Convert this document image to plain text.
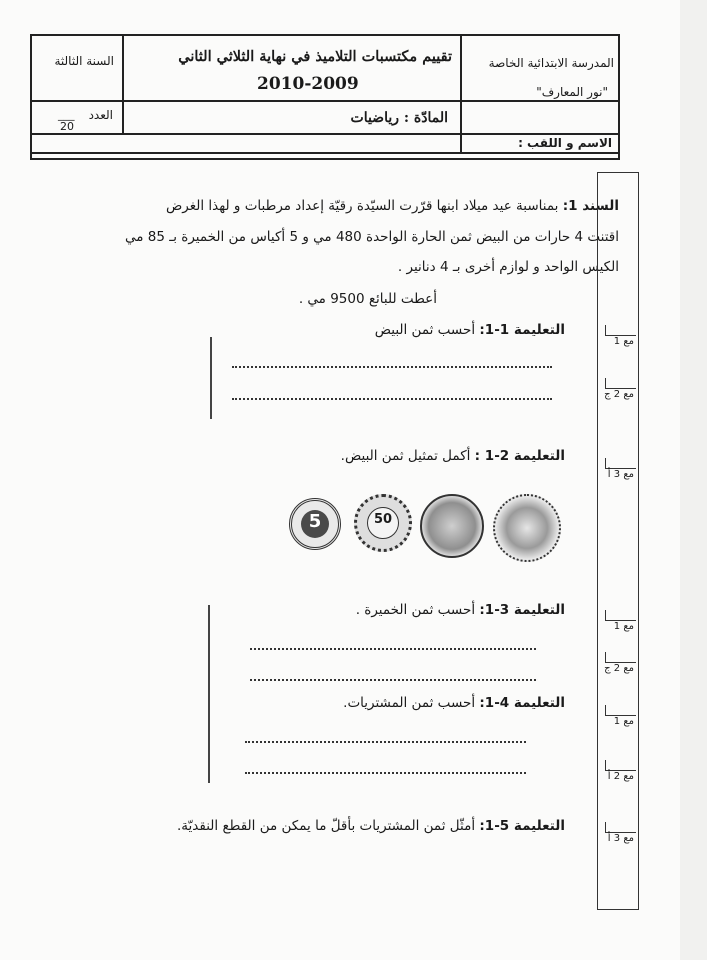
المدرسة الابتدائية الخاصة
"نور المعارف"
تقييم مكتسبات التلاميذ في نهاية الثلاثي الثاني
2010-2009
السنة الثالثة
المادّة : رياضيات
العدد
___
20
الاسم و اللقب :
السند 1: بمناسبة عيد ميلاد ابنها قرّرت السيّدة رقيّة إعداد مرطبات و لهذا الغرض
اقتنت 4 حارات من البيض ثمن الحارة الواحدة 480 مي و 5 أكياس من الخميرة بـ 85 مي
الكيس الواحد و لوازم أخرى بـ 4 دنانير .
أعطت للبائع 9500 مي .
التعليمة 1-1: أحسب ثمن البيض
التعليمة 2-1 : أكمل تمثيل ثمن البيض.
5	50
التعليمة 3-1: أحسب ثمن الخميرة .
التعليمة 4-1: أحسب ثمن المشتريات.
التعليمة 5-1: أمثّل ثمن المشتريات بأقلّ ما يمكن من القطع النقديّة.
مع 1
مع 2 ج
مع 3 أ
مع 1
مع 2 ج
مع 1
مع 2 أ
مع 3 أ
